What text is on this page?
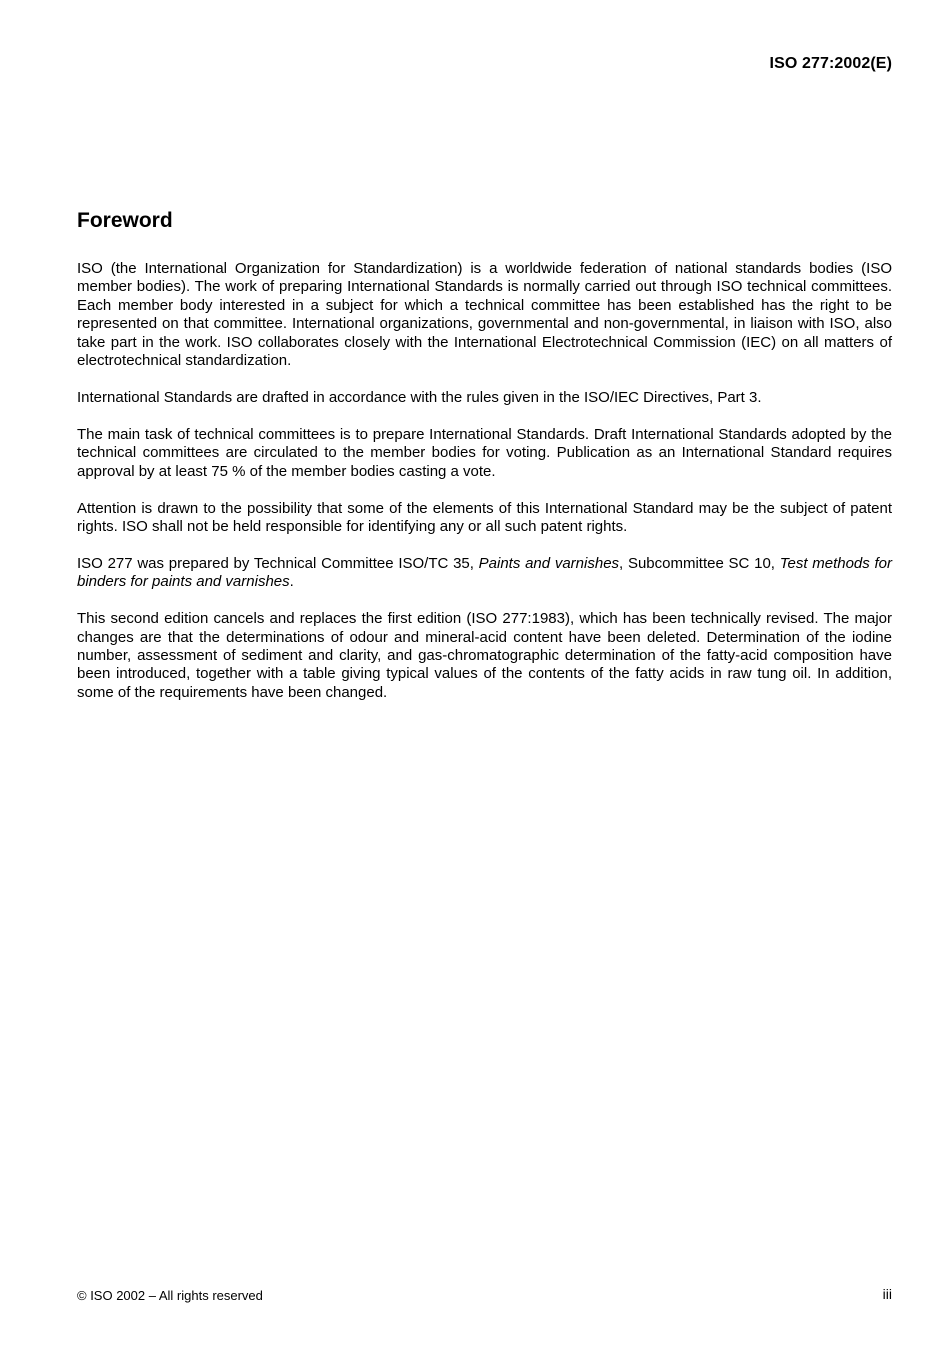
ISO 277:2002(E)
Foreword

ISO (the International Organization for Standardization) is a worldwide federation of national standards bodies (ISO member bodies). The work of preparing International Standards is normally carried out through ISO technical committees. Each member body interested in a subject for which a technical committee has been established has the right to be represented on that committee. International organizations, governmental and non-governmental, in liaison with ISO, also take part in the work. ISO collaborates closely with the International Electrotechnical Commission (IEC) on all matters of electrotechnical standardization.

International Standards are drafted in accordance with the rules given in the ISO/IEC Directives, Part 3.

The main task of technical committees is to prepare International Standards. Draft International Standards adopted by the technical committees are circulated to the member bodies for voting. Publication as an International Standard requires approval by at least 75 % of the member bodies casting a vote.

Attention is drawn to the possibility that some of the elements of this International Standard may be the subject of patent rights. ISO shall not be held responsible for identifying any or all such patent rights.

ISO 277 was prepared by Technical Committee ISO/TC 35, Paints and varnishes, Subcommittee SC 10, Test methods for binders for paints and varnishes.

This second edition cancels and replaces the first edition (ISO 277:1983), which has been technically revised. The major changes are that the determinations of odour and mineral-acid content have been deleted. Determination of the iodine number, assessment of sediment and clarity, and gas-chromatographic determination of the fatty-acid composition have been introduced, together with a table giving typical values of the contents of the fatty acids in raw tung oil. In addition, some of the requirements have been changed.

© ISO 2002 – All rights reserved	iii
